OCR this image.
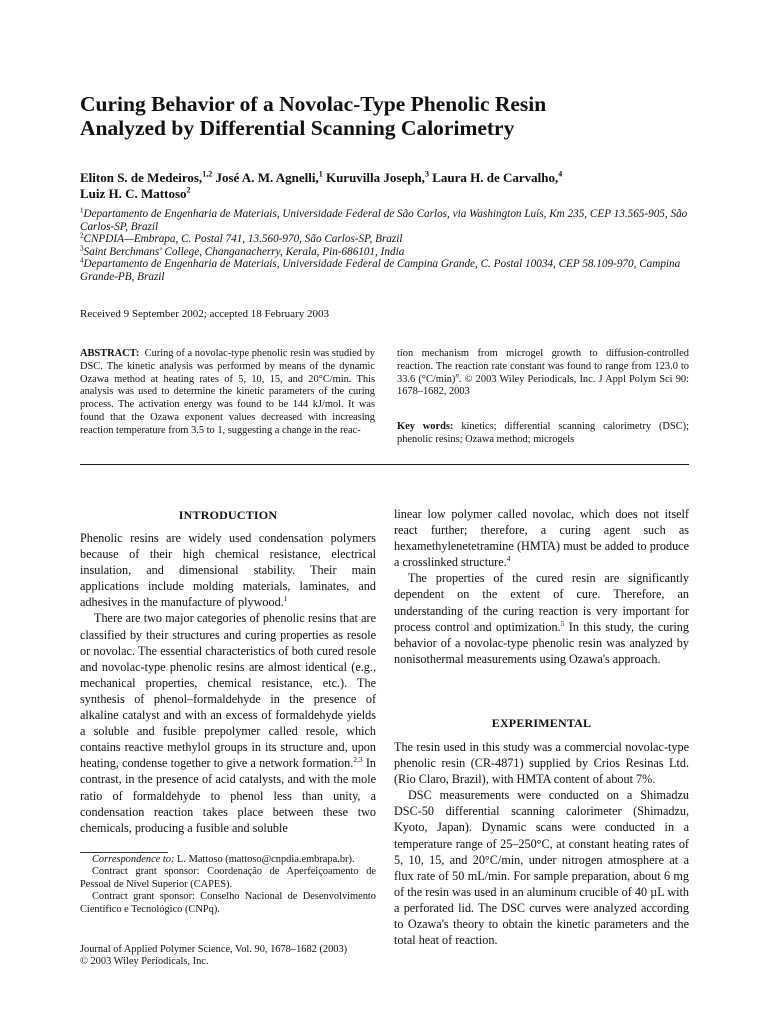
Curing Behavior of a Novolac-Type Phenolic Resin
Analyzed by Differential Scanning Calorimetry
Eliton S. de Medeiros,$^{1,2}$ José A. M. Agnelli,$^1$ Kuruvilla Joseph,$^3$ Laura H. de Carvalho,$^4$
Luiz H. C. Mattoso$^2$
$^1$Departamento de Engenharia de Materiais, Universidade Federal de São Carlos, via Washington Luís, Km 235, CEP 13.565-905, São Carlos-SP, Brazil
$^2$CNPDIA—Embrapa, C. Postal 741, 13.560-970, São Carlos-SP, Brazil
$^3$Saint Berchmans' College, Changanacherry, Kerala, Pin-686101, India
$^4$Departamento de Engenharia de Materiais, Universidade Federal de Campina Grande, C. Postal 10034, CEP 58.109-970, Campina Grande-PB, Brazil
Received 9 September 2002; accepted 18 February 2003
ABSTRACT: Curing of a novolac-type phenolic resin was studied by DSC. The kinetic analysis was performed by means of the dynamic Ozawa method at heating rates of 5, 10, 15, and 20°C/min. This analysis was used to determine the kinetic parameters of the curing process. The activation energy was found to be 144 kJ/mol. It was found that the Ozawa exponent values decreased with increasing reaction temperature from 3.5 to 1, suggesting a change in the reac-
tion mechanism from microgel growth to diffusion-controlled reaction. The reaction rate constant was found to range from 123.0 to 33.6 $(^\circ C/\min)^n$. © 2003 Wiley Periodicals, Inc. J Appl Polym Sci 90: 1678–1682, 2003
Key words: kinetics; differential scanning calorimetry (DSC); phenolic resins; Ozawa method; microgels
INTRODUCTION

Phenolic resins are widely used condensation polymers because of their high chemical resistance, electrical insulation, and dimensional stability. Their main applications include molding materials, laminates, and adhesives in the manufacture of plywood.$^1$

There are two major categories of phenolic resins that are classified by their structures and curing properties as resole or novolac. The essential characteristics of both cured resole and novolac-type phenolic resins are almost identical (e.g., mechanical properties, chemical resistance, etc.). The synthesis of phenol–formaldehyde in the presence of alkaline catalyst and with an excess of formaldehyde yields a soluble and fusible prepolymer called resole, which contains reactive methylol groups in its structure and, upon heating, condense together to give a network formation.$^{2,3}$ In contrast, in the presence of acid catalysts, and with the mole ratio of formaldehyde to phenol less than unity, a condensation reaction takes place between these two chemicals, producing a fusible and soluble

Correspondence to: L. Mattoso (mattoso@cnpdia.embrapa.br).

Contract grant sponsor: Coordenação de Aperfeiçoamento de Pessoal de Nível Superior (CAPES).

Contract grant sponsor: Conselho Nacional de Desenvolvimento Científico e Tecnológico (CNPq).

Journal of Applied Polymer Science, Vol. 90, 1678–1682 (2003)
© 2003 Wiley Periodicals, Inc.

linear low polymer called novolac, which does not itself react further; therefore, a curing agent such as hexamethylenetetramine (HMTA) must be added to produce a crosslinked structure.$^4$

The properties of the cured resin are significantly dependent on the extent of cure. Therefore, an understanding of the curing reaction is very important for process control and optimization.$^5$ In this study, the curing behavior of a novolac-type phenolic resin was analyzed by nonisothermal measurements using Ozawa's approach.

EXPERIMENTAL

The resin used in this study was a commercial novolac-type phenolic resin (CR-4871) supplied by Crios Resinas Ltd. (Rio Claro, Brazil), with HMTA content of about 7%.

DSC measurements were conducted on a Shimadzu DSC-50 differential scanning calorimeter (Shimadzu, Kyoto, Japan). Dynamic scans were conducted in a temperature range of 25–250°C, at constant heating rates of 5, 10, 15, and 20°C/min, under nitrogen atmosphere at a flux rate of 50 mL/min. For sample preparation, about 6 mg of the resin was used in an aluminum crucible of 40 µL with a perforated lid. The DSC curves were analyzed according to Ozawa's theory to obtain the kinetic parameters and the total heat of reaction.
